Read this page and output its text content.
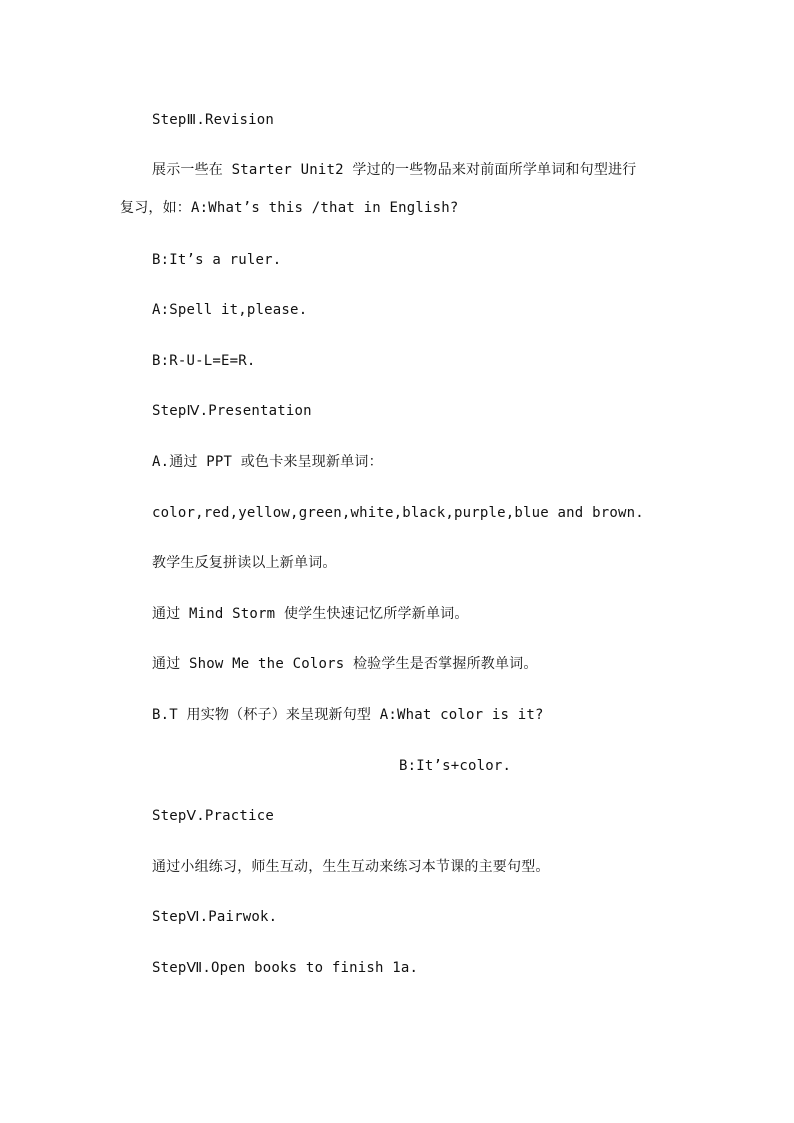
StepⅢ.Revision
展示一些在 Starter Unit2 学过的一些物品来对前面所学单词和句型进行
复习，如：A:What’s this /that in English?
B:It’s a ruler.
A:Spell it,please.
B:R-U-L=E=R.
StepⅣ.Presentation
A.通过 PPT 或色卡来呈现新单词：
color,red,yellow,green,white,black,purple,blue and brown.
教学生反复拼读以上新单词。
通过 Mind Storm 使学生快速记忆所学新单词。
通过 Show Me the Colors 检验学生是否掌握所教单词。
B.T 用实物（杯子）来呈现新句型 A:What color is it?
B:It’s+color.
StepⅤ.Practice
通过小组练习，师生互动，生生互动来练习本节课的主要句型。
StepⅥ.Pairwok.
StepⅦ.Open books to finish 1a.
